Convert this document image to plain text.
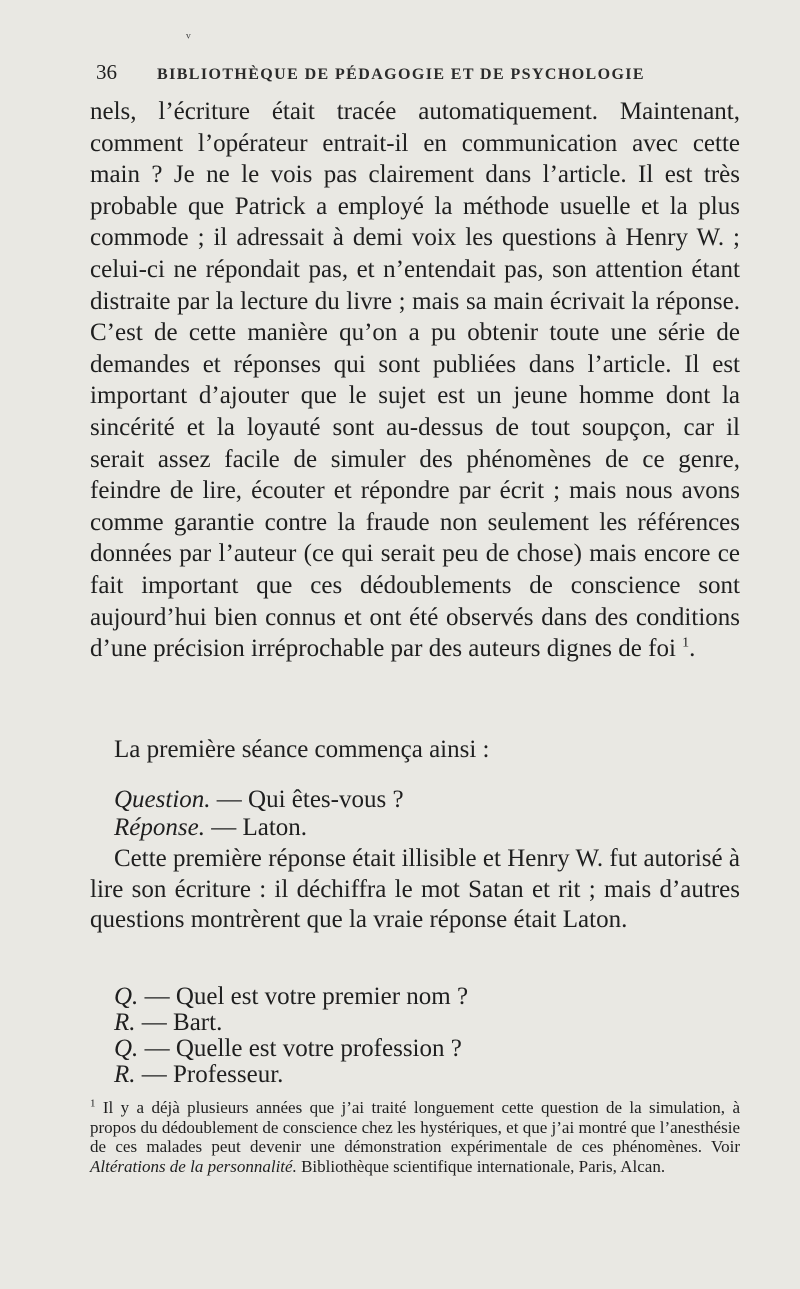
ᵛ
36	BIBLIOTHÈQUE DE PÉDAGOGIE ET DE PSYCHOLOGIE

nels, l’écriture était tracée automatiquement. Maintenant, comment l’opérateur entrait-il en communication avec cette main ? Je ne le vois pas clairement dans l’article. Il est très probable que Patrick a employé la méthode usuelle et la plus commode ; il adressait à demi voix les questions à Henry W. ; celui-ci ne répondait pas, et n’entendait pas, son attention étant distraite par la lecture du livre ; mais sa main écrivait la réponse. C’est de cette manière qu’on a pu obtenir toute une série de demandes et réponses qui sont publiées dans l’article. Il est important d’ajouter que le sujet est un jeune homme dont la sincérité et la loyauté sont au-dessus de tout soupçon, car il serait assez facile de simuler des phénomènes de ce genre, feindre de lire, écouter et répondre par écrit ; mais nous avons comme garantie contre la fraude non seulement les références données par l’auteur (ce qui serait peu de chose) mais encore ce fait important que ces dédoublements de conscience sont aujourd’hui bien connus et ont été observés dans des conditions d’une précision irréprochable par des auteurs dignes de foi $^1$.

La première séance commença ainsi :
Question. — Qui êtes-vous ?
Réponse. — Laton.
Cette première réponse était illisible et Henry W. fut autorisé à lire son écriture : il déchiffra le mot Satan et rit ; mais d’autres questions montrèrent que la vraie réponse était Laton.
Q. — Quel est votre premier nom ?
R. — Bart.
Q. — Quelle est votre profession ?
R. — Professeur.
$^1$ Il y a déjà plusieurs années que j’ai traité longuement cette question de la simulation, à propos du dédoublement de conscience chez les hystériques, et que j’ai montré que l’anesthésie de ces malades peut devenir une démonstration expérimentale de ces phénomènes. Voir Altérations de la personnalité. Bibliothèque scientifique internationale, Paris, Alcan.
